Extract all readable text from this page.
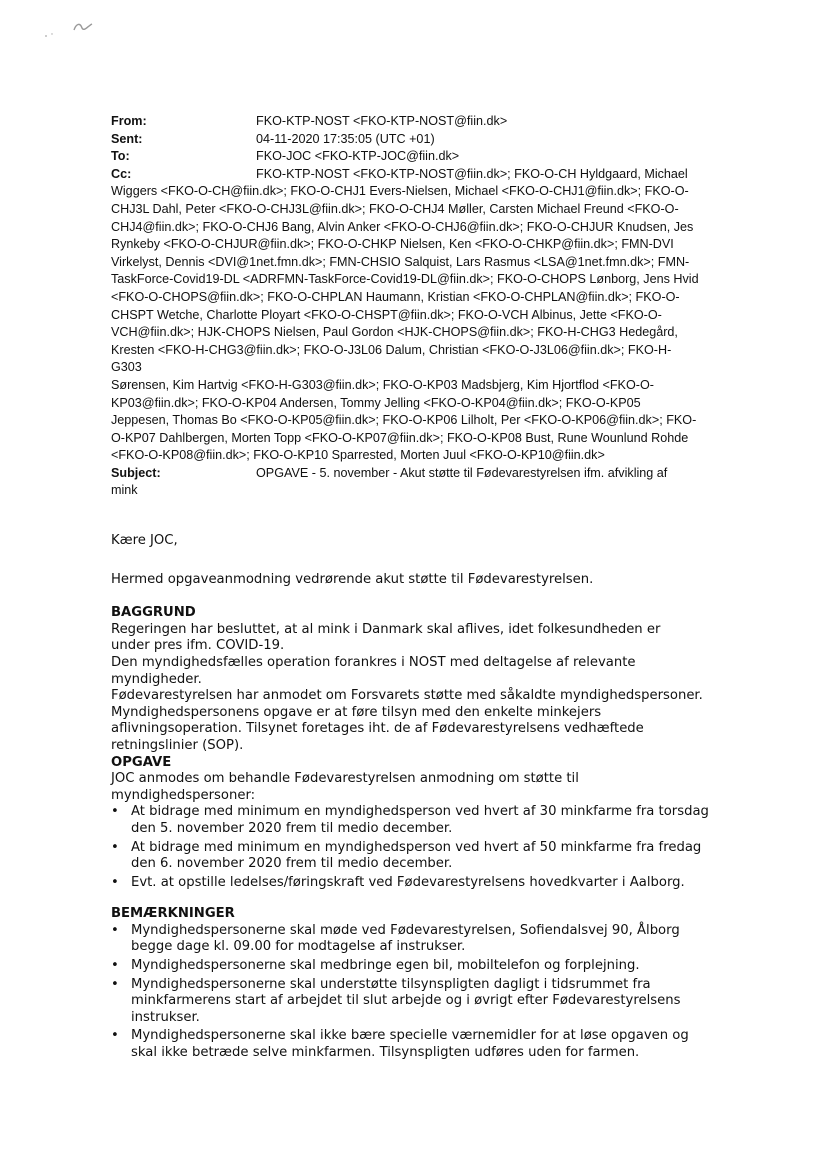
From:	FKO-KTP-NOST <FKO-KTP-NOST@fiin.dk>
Sent:	04-11-2020 17:35:05 (UTC +01)
To:	FKO-JOC <FKO-KTP-JOC@fiin.dk>
Cc:	FKO-KTP-NOST <FKO-KTP-NOST@fiin.dk>; FKO-O-CH Hyldgaard, Michael
Wiggers <FKO-O-CH@fiin.dk>; FKO-O-CHJ1 Evers-Nielsen, Michael <FKO-O-CHJ1@fiin.dk>; FKO-O-
CHJ3L Dahl, Peter <FKO-O-CHJ3L@fiin.dk>; FKO-O-CHJ4 Møller, Carsten Michael Freund <FKO-O-
CHJ4@fiin.dk>; FKO-O-CHJ6 Bang, Alvin Anker <FKO-O-CHJ6@fiin.dk>; FKO-O-CHJUR Knudsen, Jes
Rynkeby <FKO-O-CHJUR@fiin.dk>; FKO-O-CHKP Nielsen, Ken <FKO-O-CHKP@fiin.dk>; FMN-DVI
Virkelyst, Dennis <DVI@1net.fmn.dk>; FMN-CHSIO Salquist, Lars Rasmus <LSA@1net.fmn.dk>; FMN-
TaskForce-Covid19-DL <ADRFMN-TaskForce-Covid19-DL@fiin.dk>; FKO-O-CHOPS Lønborg, Jens Hvid
<FKO-O-CHOPS@fiin.dk>; FKO-O-CHPLAN Haumann, Kristian <FKO-O-CHPLAN@fiin.dk>; FKO-O-
CHSPT Wetche, Charlotte Ployart <FKO-O-CHSPT@fiin.dk>; FKO-O-VCH Albinus, Jette <FKO-O-
VCH@fiin.dk>; HJK-CHOPS Nielsen, Paul Gordon <HJK-CHOPS@fiin.dk>; FKO-H-CHG3 Hedegård,
Kresten <FKO-H-CHG3@fiin.dk>; FKO-O-J3L06 Dalum, Christian <FKO-O-J3L06@fiin.dk>; FKO-H-G303
Sørensen, Kim Hartvig <FKO-H-G303@fiin.dk>; FKO-O-KP03 Madsbjerg, Kim Hjortflod <FKO-O-
KP03@fiin.dk>; FKO-O-KP04 Andersen, Tommy Jelling <FKO-O-KP04@fiin.dk>; FKO-O-KP05
Jeppesen, Thomas Bo <FKO-O-KP05@fiin.dk>; FKO-O-KP06 Lilholt, Per <FKO-O-KP06@fiin.dk>; FKO-
O-KP07 Dahlbergen, Morten Topp <FKO-O-KP07@fiin.dk>; FKO-O-KP08 Bust, Rune Wounlund Rohde
<FKO-O-KP08@fiin.dk>; FKO-O-KP10 Sparrested, Morten Juul <FKO-O-KP10@fiin.dk>
Subject:	OPGAVE - 5. november - Akut støtte til Fødevarestyrelsen ifm. afvikling af
mink

Kære JOC,

Hermed opgaveanmodning vedrørende akut støtte til Fødevarestyrelsen.

BAGGRUND
Regeringen har besluttet, at al mink i Danmark skal aflives, idet folkesundheden er
under pres ifm. COVID-19.
Den myndighedsfælles operation forankres i NOST med deltagelse af relevante
myndigheder.
Fødevarestyrelsen har anmodet om Forsvarets støtte med såkaldte myndighedspersoner.
Myndighedspersonens opgave er at føre tilsyn med den enkelte minkejers
aflivningsoperation. Tilsynet foretages iht. de af Fødevarestyrelsens vedhæftede
retningslinier (SOP).
OPGAVE
JOC anmodes om behandle Fødevarestyrelsen anmodning om støtte til
myndighedspersoner:
• At bidrage med minimum en myndighedsperson ved hvert af 30 minkfarme fra torsdag den 5. november 2020 frem til medio december.
• At bidrage med minimum en myndighedsperson ved hvert af 50 minkfarme fra fredag den 6. november 2020 frem til medio december.
• Evt. at opstille ledelses/føringskraft ved Fødevarestyrelsens hovedkvarter i Aalborg.
BEMÆRKNINGER
• Myndighedspersonerne skal møde ved Fødevarestyrelsen, Sofiendalsvej 90, Ålborg begge dage kl. 09.00 for modtagelse af instrukser.
• Myndighedspersonerne skal medbringe egen bil, mobiltelefon og forplejning.
• Myndighedspersonerne skal understøtte tilsynspligten dagligt i tidsrummet fra minkfarmerens start af arbejdet til slut arbejde og i øvrigt efter Fødevarestyrelsens instrukser.
• Myndighedspersonerne skal ikke bære specielle værnemidler for at løse opgaven og skal ikke betræde selve minkfarmen. Tilsynspligten udføres uden for farmen.
